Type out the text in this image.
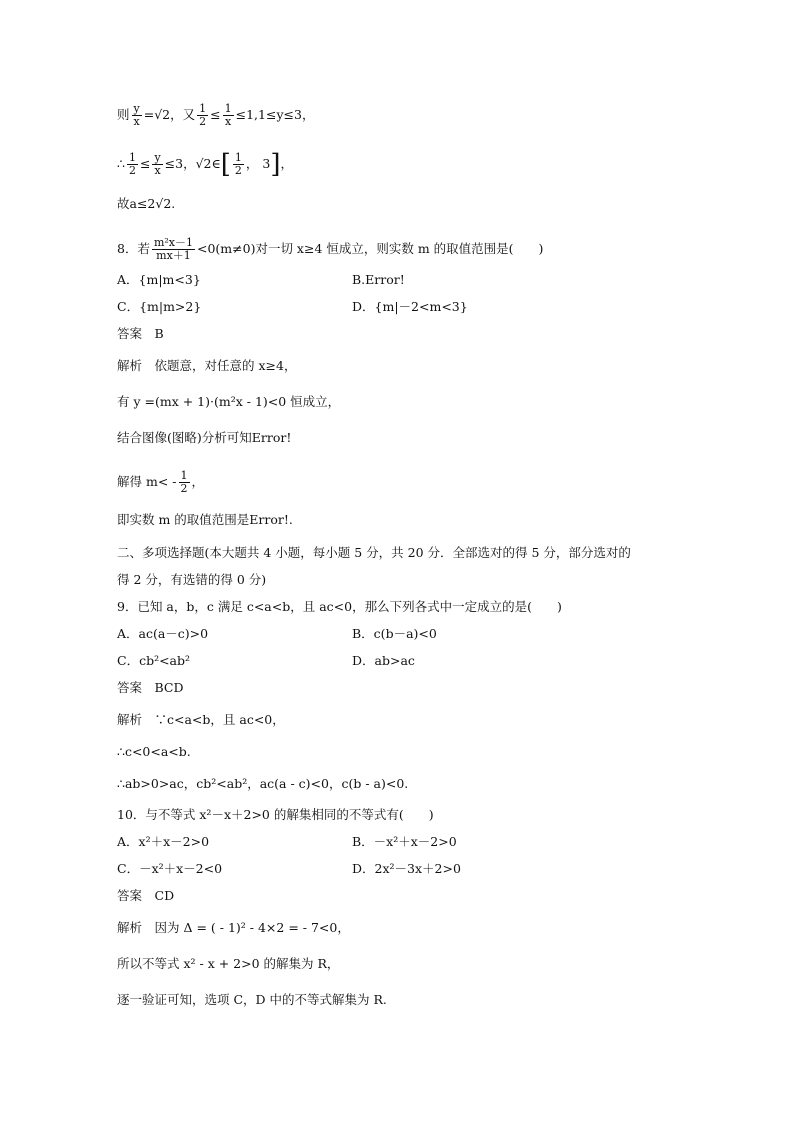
则 $\frac{y}{x} =√2$，又 $\frac{1}{2} \le \frac{1}{x} \le 1,1\le y\le 3$，
∴ $\frac{1}{2} \le \frac{y}{x} \le 3$，√2∈[ $\frac{1}{2}$ ， 3]，
故a≤2√2.
8．若 $\frac{\text{m²x－1}}{mx+1} <0(m\ne 0)$对一切 x≥4 恒成立，则实数 m 的取值范围是(　　)
A．{m|m<3}	B.Error!
C．{m|m>2}	D．{m|－2<m<3}
答案　B
解析　依题意，对任意的 x≥4，
有 y =(mx + 1)·(m²x - 1)<0 恒成立，
结合图像(图略)分析可知Error!
解得 $m< - \frac{1}{2}$ ，
即实数 m 的取值范围是Error!.
二、多项选择题(本大题共 4 小题，每小题 5 分，共 20 分．全部选对的得 5 分，部分选对的
得 2 分，有选错的得 0 分)
9．已知 a，b，c 满足 c<a<b，且 ac<0，那么下列各式中一定成立的是(　　)
A．ac(a－c)>0	B．c(b－a)<0
C．cb²<ab²	D．ab>ac
答案　BCD
解析　∵c<a<b，且 ac<0，
∴c<0<a<b.
∴ab>0>ac，cb²<ab²，ac(a - c)<0，c(b - a)<0.
10．与不等式 x²－x＋2>0 的解集相同的不等式有(　　)
A．x²＋x－2>0	B．－x²＋x－2>0
C．－x²＋x－2<0	D．2x²－3x＋2>0
答案　CD
解析　因为 Δ = ( - 1)² - 4×2 = - 7<0，
所以不等式 x² - x + 2>0 的解集为 R，
逐一验证可知，选项 C，D 中的不等式解集为 R.
